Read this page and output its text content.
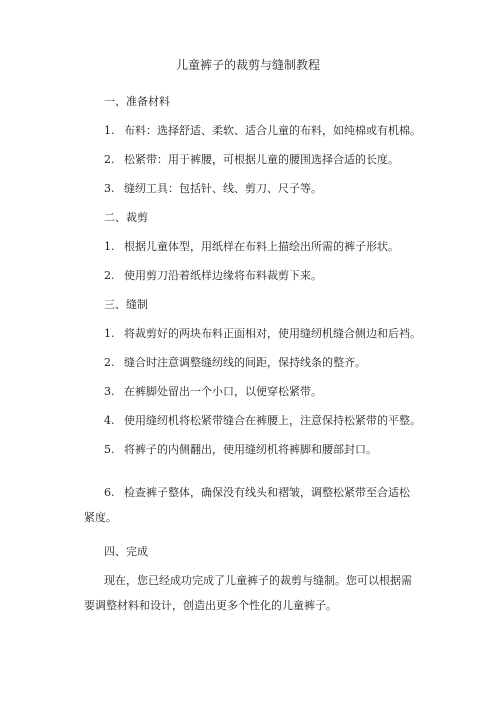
儿童裤子的裁剪与缝制教程
一、准备材料
1. 布料：选择舒适、柔软、适合儿童的布料，如纯棉或有机棉。
2. 松紧带：用于裤腰，可根据儿童的腰围选择合适的长度。
3. 缝纫工具：包括针、线、剪刀、尺子等。
二、裁剪
1. 根据儿童体型，用纸样在布料上描绘出所需的裤子形状。
2. 使用剪刀沿着纸样边缘将布料裁剪下来。
三、缝制
1. 将裁剪好的两块布料正面相对，使用缝纫机缝合侧边和后裆。
2. 缝合时注意调整缝纫线的间距，保持线条的整齐。
3. 在裤脚处留出一个小口，以便穿松紧带。
4. 使用缝纫机将松紧带缝合在裤腰上，注意保持松紧带的平整。
5. 将裤子的内侧翻出，使用缝纫机将裤脚和腰部封口。
6. 检查裤子整体，确保没有线头和褶皱，调整松紧带至合适松
紧度。
四、完成
现在，您已经成功完成了儿童裤子的裁剪与缝制。您可以根据需
要调整材料和设计，创造出更多个性化的儿童裤子。
